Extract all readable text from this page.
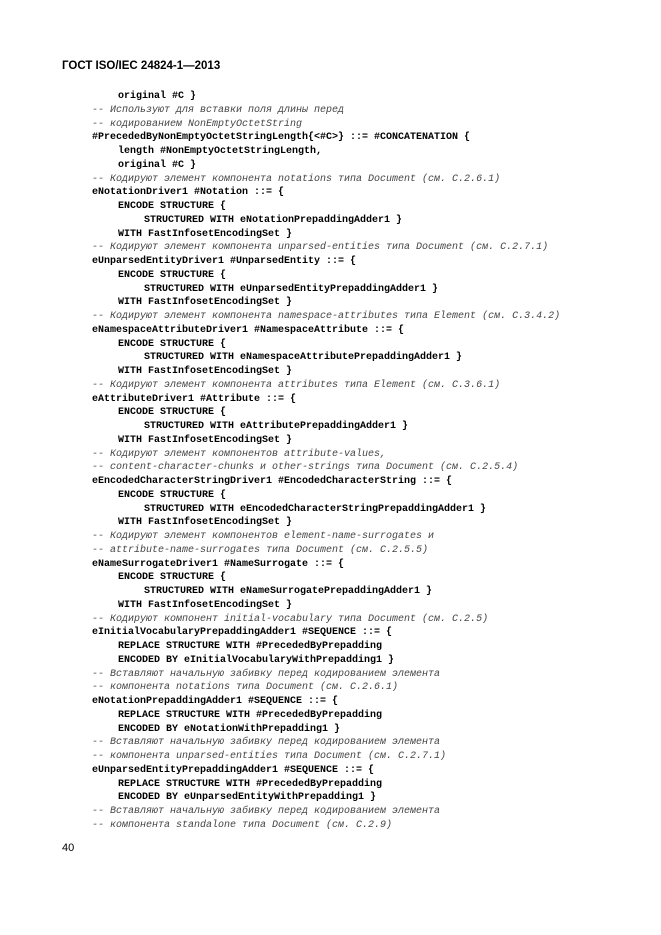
ГОСТ ISO/IEC 24824-1—2013
original #C }
-- Используют для вставки поля длины перед
-- кодированием NonEmptyOctetString
#PrecededByNonEmptyOctetStringLength{<#C>} ::= #CONCATENATION {
length #NonEmptyOctetStringLength,
original #C }
-- Кодируют элемент компонента notations типа Document (см. C.2.6.1)
eNotationDriver1 #Notation ::= {
ENCODE STRUCTURE {
STRUCTURED WITH eNotationPrepaddingAdder1 }
WITH FastInfosetEncodingSet }
-- Кодируют элемент компонента unparsed-entities типа Document (см. C.2.7.1)
eUnparsedEntityDriver1 #UnparsedEntity ::= {
ENCODE STRUCTURE {
STRUCTURED WITH eUnparsedEntityPrepaddingAdder1 }
WITH FastInfosetEncodingSet }
-- Кодируют элемент компонента namespace-attributes типа Element (см. C.3.4.2)
eNamespaceAttributeDriver1 #NamespaceAttribute ::= {
ENCODE STRUCTURE {
STRUCTURED WITH eNamespaceAttributePrepaddingAdder1 }
WITH FastInfosetEncodingSet }
-- Кодируют элемент компонента attributes типа Element (см. C.3.6.1)
eAttributeDriver1 #Attribute ::= {
ENCODE STRUCTURE {
STRUCTURED WITH eAttributePrepaddingAdder1 }
WITH FastInfosetEncodingSet }
-- Кодируют элемент компонентов attribute-values,
-- content-character-chunks и other-strings типа Document (см. C.2.5.4)
eEncodedCharacterStringDriver1 #EncodedCharacterString ::= {
ENCODE STRUCTURE {
STRUCTURED WITH eEncodedCharacterStringPrepaddingAdder1 }
WITH FastInfosetEncodingSet }
-- Кодируют элемент компонентов element-name-surrogates и
-- attribute-name-surrogates типа Document (см. C.2.5.5)
eNameSurrogateDriver1 #NameSurrogate ::= {
ENCODE STRUCTURE {
STRUCTURED WITH eNameSurrogatePrepaddingAdder1 }
WITH FastInfosetEncodingSet }
-- Кодируют компонент initial-vocabulary типа Document (см. C.2.5)
eInitialVocabularyPrepaddingAdder1 #SEQUENCE ::= {
REPLACE STRUCTURE WITH #PrecededByPrepadding
ENCODED BY eInitialVocabularyWithPrepadding1 }
-- Вставляют начальную забивку перед кодированием элемента
-- компонента notations типа Document (см. C.2.6.1)
eNotationPrepaddingAdder1 #SEQUENCE ::= {
REPLACE STRUCTURE WITH #PrecededByPrepadding
ENCODED BY eNotationWithPrepadding1 }
-- Вставляют начальную забивку перед кодированием элемента
-- компонента unparsed-entities типа Document (см. C.2.7.1)
eUnparsedEntityPrepaddingAdder1 #SEQUENCE ::= {
REPLACE STRUCTURE WITH #PrecededByPrepadding
ENCODED BY eUnparsedEntityWithPrepadding1 }
-- Вставляют начальную забивку перед кодированием элемента
-- компонента standalone типа Document (см. C.2.9)
40
